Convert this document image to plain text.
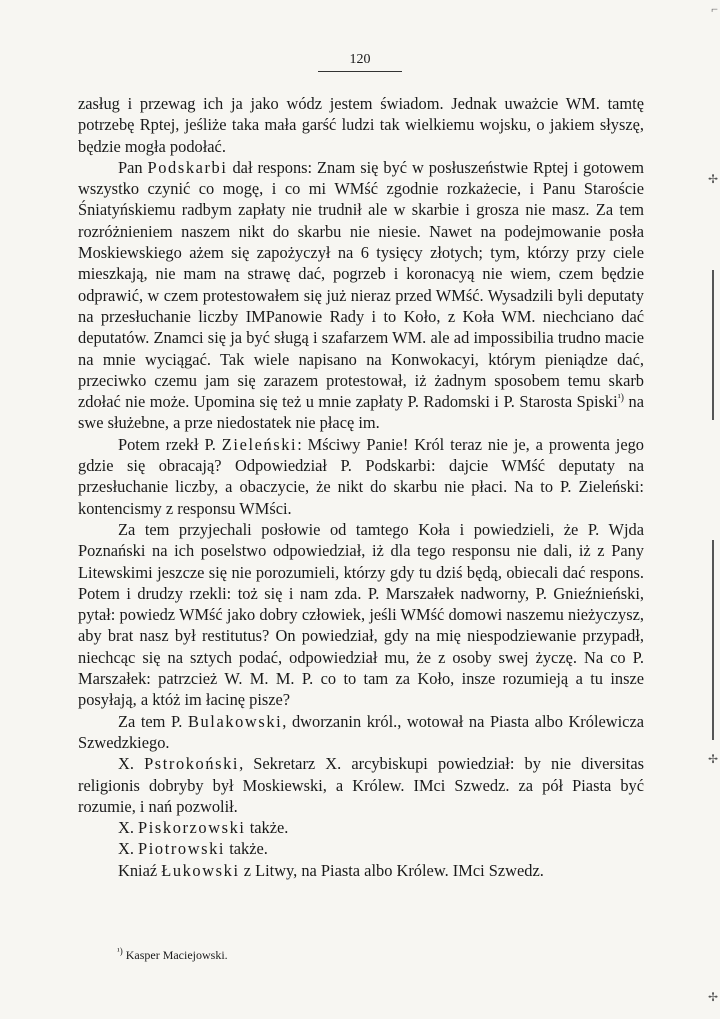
120

zasług i przewag ich ja jako wódz jestem świadom. Jednak uważcie WM. tamtę potrzebę Rptej, jeśliże taka mała garść ludzi tak wielkiemu wojsku, o jakiem słyszę, będzie mogła podołać.

Pan Podskarbi dał respons: Znam się być w posłuszeństwie Rptej i gotowem wszystko czynić co mogę, i co mi WMść zgodnie rozkażecie, i Panu Staroście Śniatyńskiemu radbym zapłaty nie trudnił ale w skarbie i grosza nie masz. Za tem rozróżnieniem naszem nikt do skarbu nie niesie. Nawet na podejmowanie posła Moskiewskiego ażem się zapożyczył na 6 tysięcy złotych; tym, którzy przy ciele mieszkają, nie mam na strawę dać, pogrzeb i koronacyą nie wiem, czem będzie odprawić, w czem protestowałem się już nieraz przed WMść. Wysadzili byli deputaty na przesłuchanie liczby IMPanowie Rady i to Koło, z Koła WM. niechciano dać deputatów. Znamci się ja być sługą i szafarzem WM. ale ad impossibilia trudno macie na mnie wyciągać. Tak wiele napisano na Konwokacyi, którym pieniądze dać, przeciwko czemu jam się zarazem protestował, iż żadnym sposobem temu skarb zdołać nie może. Upomina się też u mnie zapłaty P. Radomski i P. Starosta Spiski$^{^1)}$ na swe służebne, a prze niedostatek nie płacę im.

Potem rzekł P. Zieleński: Mściwy Panie! Król teraz nie je, a prowenta jego gdzie się obracają? Odpowiedział P. Podskarbi: dajcie WMść deputaty na przesłuchanie liczby, a obaczycie, że nikt do skarbu nie płaci. Na to P. Zieleński: kontencismy z responsu WMści.

Za tem przyjechali posłowie od tamtego Koła i powiedzieli, że P. Wjda Poznański na ich poselstwo odpowiedział, iż dla tego responsu nie dali, iż z Pany Litewskimi jeszcze się nie porozumieli, którzy gdy tu dziś będą, obiecali dać respons. Potem i drudzy rzekli: toż się i nam zda. P. Marszałek nadworny, P. Gnieźnieński, pytał: powiedz WMść jako dobry człowiek, jeśli WMść domowi naszemu nieżyczysz, aby brat nasz był restitutus? On powiedział, gdy na mię niespodziewanie przypadł, niechcąc się na sztych podać, odpowiedział mu, że z osoby swej życzę. Na co P. Marszałek: patrzcież W. M. M. P. co to tam za Koło, insze rozumieją a tu insze posyłają, a któż im łacinę pisze?

Za tem P. Bulakowski, dworzanin król., wotował na Piasta albo Królewicza Szwedzkiego.

X. Pstrokoński, Sekretarz X. arcybiskupi powiedział: by nie diversitas religionis dobryby był Moskiewski, a Królew. IMci Szwedz. za pół Piasta być rozumie, i nań pozwolił.

X. Piskorzowski także.

X. Piotrowski także.

Kniaź Łukowski z Litwy, na Piasta albo Królew. IMci Szwedz.

$^{^1)}$ Kasper Maciejowski.
⌐
✢
✢
✢
